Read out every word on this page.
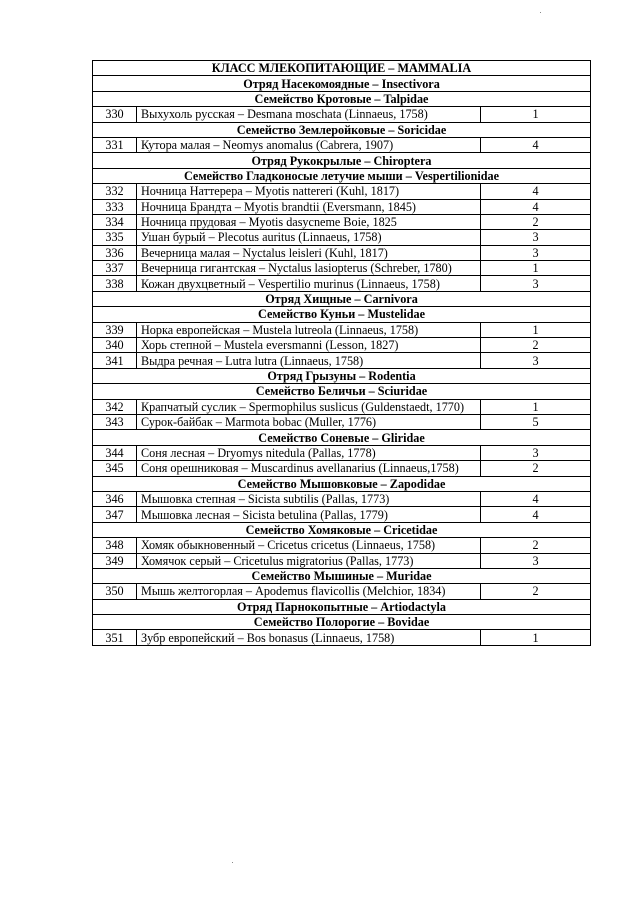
КЛАСС МЛЕКОПИТАЮЩИЕ – MAMMALIA		
Отряд Насекомоядные – Insectivora		
Семейство Кротовые – Talpidae		
330	Выхухоль русская – Desmana moschata (Linnaeus, 1758)	1
Семейство Землеройковые – Soricidae		
331	Кутора малая – Neomys anomalus (Cabrera, 1907)	4
Отряд Рукокрылые – Chiroptera		
Семейство Гладконосые летучие мыши – Vespertilionidae		
332	Ночница Наттерера – Myotis nattereri (Kuhl, 1817)	4
333	Ночница Брандта – Myotis brandtii (Eversmann, 1845)	4
334	Ночница прудовая – Myotis dasycneme Boie, 1825	2
335	Ушан бурый – Plecotus auritus (Linnaeus, 1758)	3
336	Вечерница малая – Nyctalus leisleri (Kuhl, 1817)	3
337	Вечерница гигантская – Nyctalus lasiopterus (Schreber, 1780)	1
338	Кожан двухцветный – Vespertilio murinus (Linnaeus, 1758)	3
Отряд Хищные – Carnivora		
Семейство Куньи – Mustelidae		
339	Норка европейская – Mustela lutreola (Linnaeus, 1758)	1
340	Хорь степной – Mustela eversmanni (Lesson, 1827)	2
341	Выдра речная – Lutra lutra (Linnaeus, 1758)	3
Отряд Грызуны – Rodentia		
Семейство Беличьи – Sciuridae		
342	Крапчатый суслик – Spermophilus suslicus (Guldenstaedt, 1770)	1
343	Сурок-байбак – Marmota bobac (Muller, 1776)	5
Семейство Соневые – Gliridae		
344	Соня лесная – Dryomys nitedula (Pallas, 1778)	3
345	Соня орешниковая – Muscardinus avellanarius (Linnaeus,1758)	2
Семейство Мышовковые – Zapodidae		
346	Мышовка степная – Sicista subtilis (Pallas, 1773)	4
347	Мышовка лесная – Sicista betulina (Pallas, 1779)	4
Семейство Хомяковые – Cricetidae		
348	Хомяк обыкновенный – Cricetus cricetus (Linnaeus, 1758)	2
349	Хомячок серый – Cricetulus migratorius (Pallas, 1773)	3
Семейство Мышиные – Muridae		
350	Мышь желтогорлая – Apodemus flavicollis (Melchior, 1834)	2
Отряд Парнокопытные – Artiodactyla		
Семейство Полорогие – Bovidae		
351	Зубр европейский – Bos bonasus (Linnaeus, 1758)	1
